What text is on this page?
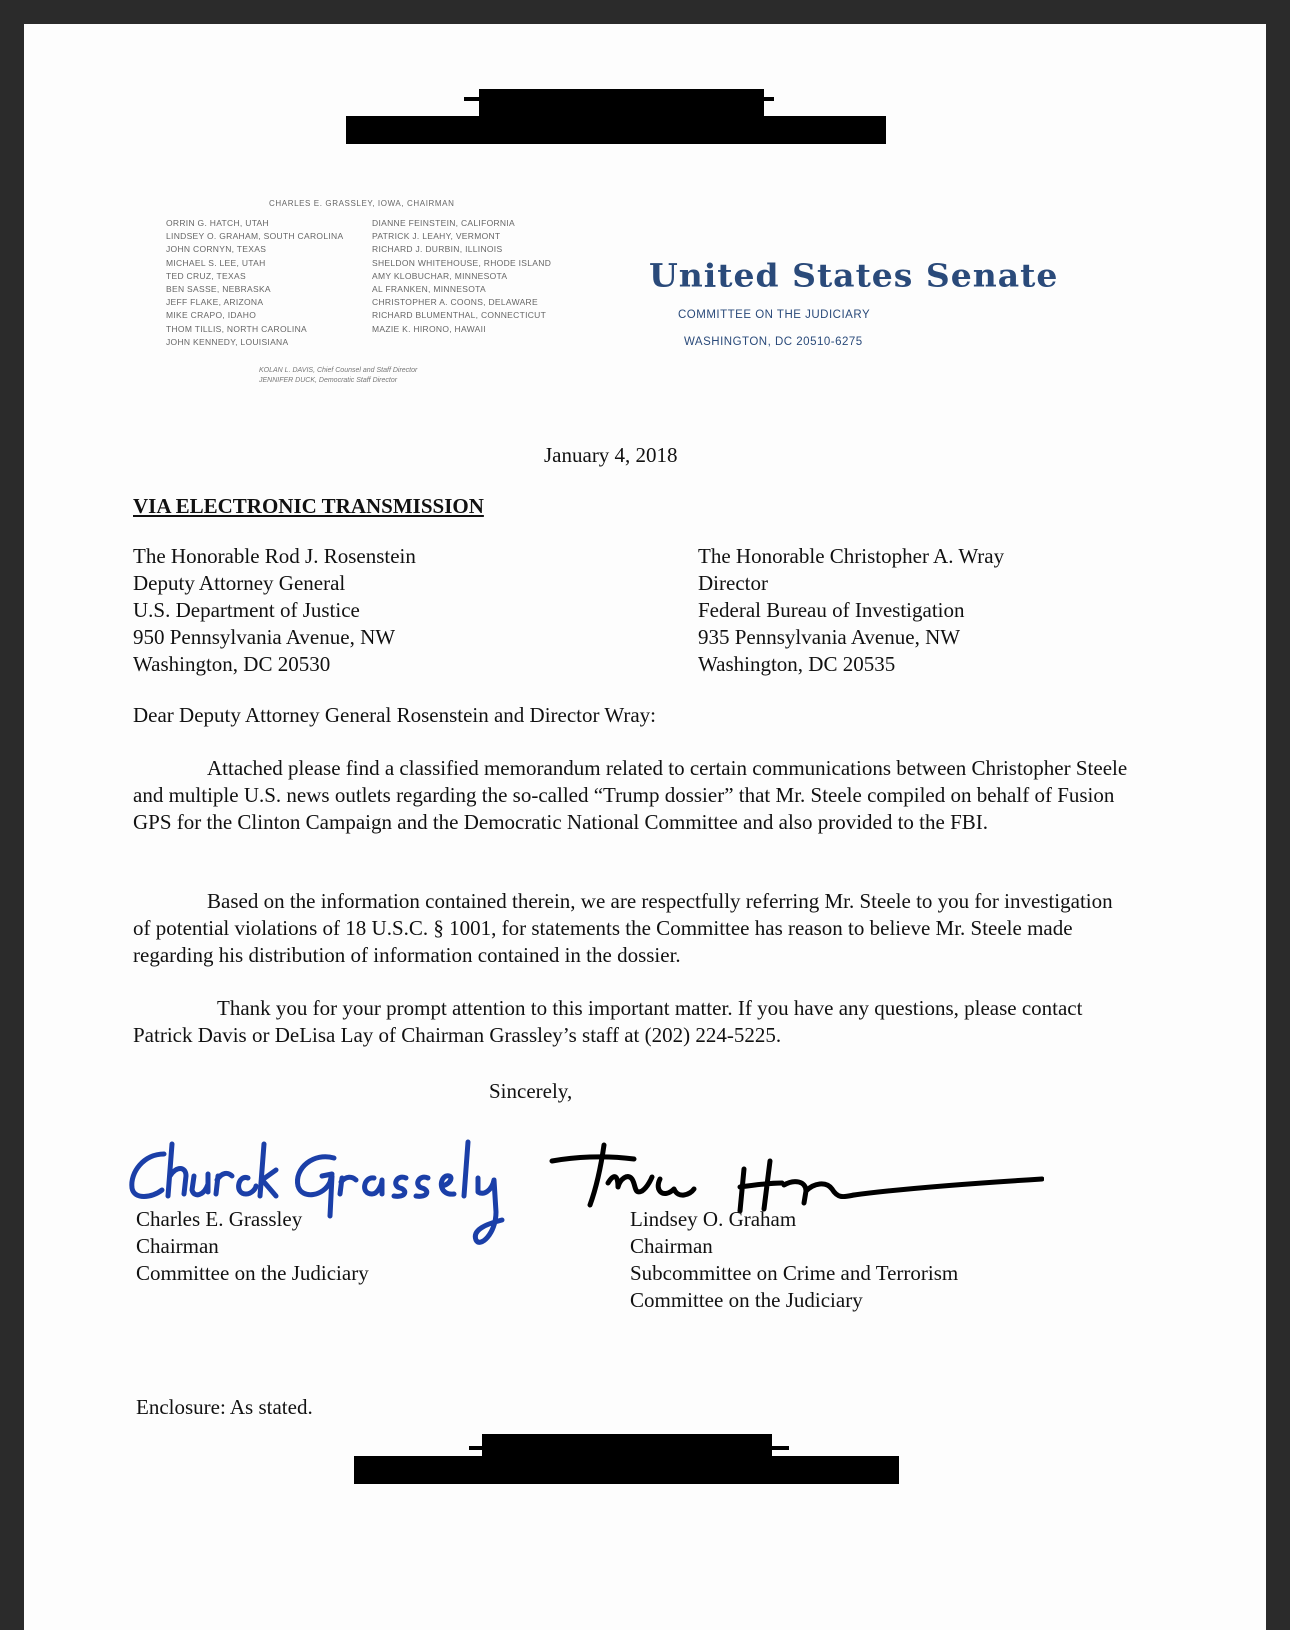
CHARLES E. GRASSLEY, IOWA, CHAIRMAN
ORRIN G. HATCH, UTAH
LINDSEY O. GRAHAM, SOUTH CAROLINA
JOHN CORNYN, TEXAS
MICHAEL S. LEE, UTAH
TED CRUZ, TEXAS
BEN SASSE, NEBRASKA
JEFF FLAKE, ARIZONA
MIKE CRAPO, IDAHO
THOM TILLIS, NORTH CAROLINA
JOHN KENNEDY, LOUISIANA
DIANNE FEINSTEIN, CALIFORNIA
PATRICK J. LEAHY, VERMONT
RICHARD J. DURBIN, ILLINOIS
SHELDON WHITEHOUSE, RHODE ISLAND
AMY KLOBUCHAR, MINNESOTA
AL FRANKEN, MINNESOTA
CHRISTOPHER A. COONS, DELAWARE
RICHARD BLUMENTHAL, CONNECTICUT
MAZIE K. HIRONO, HAWAII
KOLAN L. DAVIS, Chief Counsel and Staff Director
JENNIFER DUCK, Democratic Staff Director
United States Senate
COMMITTEE ON THE JUDICIARY
WASHINGTON, DC 20510-6275
January 4, 2018
VIA ELECTRONIC TRANSMISSION
The Honorable Rod J. Rosenstein
Deputy Attorney General
U.S. Department of Justice
950 Pennsylvania Avenue, NW
Washington, DC 20530
The Honorable Christopher A. Wray
Director
Federal Bureau of Investigation
935 Pennsylvania Avenue, NW
Washington, DC 20535
Dear Deputy Attorney General Rosenstein and Director Wray:
Attached please find a classified memorandum related to certain communications between Christopher Steele and multiple U.S. news outlets regarding the so-called “Trump dossier” that Mr. Steele compiled on behalf of Fusion GPS for the Clinton Campaign and the Democratic National Committee and also provided to the FBI.
Based on the information contained therein, we are respectfully referring Mr. Steele to you for investigation of potential violations of 18 U.S.C. § 1001, for statements the Committee has reason to believe Mr. Steele made regarding his distribution of information contained in the dossier.
Thank you for your prompt attention to this important matter. If you have any questions, please contact Patrick Davis or DeLisa Lay of Chairman Grassley’s staff at (202) 224-5225.
Sincerely,
Charles E. Grassley
Chairman
Committee on the Judiciary
Lindsey O. Graham
Chairman
Subcommittee on Crime and Terrorism
Committee on the Judiciary
Enclosure: As stated.
